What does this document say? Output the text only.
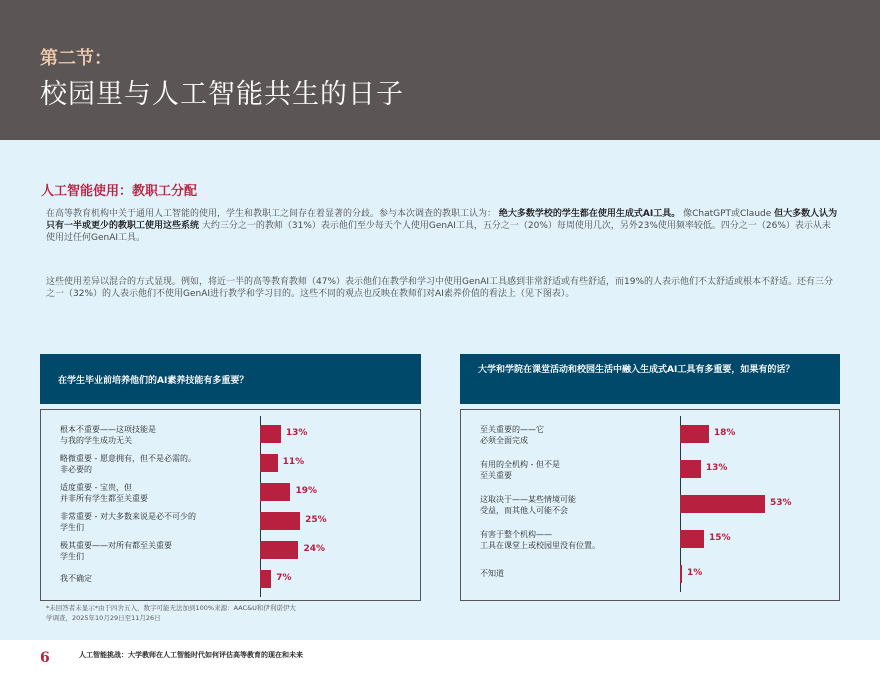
第二节：
校园里与人工智能共生的日子
人工智能使用：教职工分配
在高等教育机构中关于通用人工智能的使用，学生和教职工之间存在着显著的分歧。参与本次调查的教职工认为： 绝大多数学校的学生都在使用生成式AI工具。 像ChatGPT或Claude 但大多数人认为只有一半或更少的教职工使用这些系统 大约三分之一的教师（31%）表示他们至少每天个人使用GenAI工具，五分之一（20%）每周使用几次，另外23%使用频率较低。四分之一（26%）表示从未使用过任何GenAI工具。
这些使用差异以混合的方式显现。例如，将近一半的高等教育教师（47%）表示他们在教学和学习中使用GenAI工具感到非常舒适或有些舒适，而19%的人表示他们不太舒适或根本不舒适。还有三分之一（32%）的人表示他们不使用GenAI进行教学和学习目的。这些不同的观点也反映在教师们对AI素养价值的看法上（见下图表）。
在学生毕业前培养他们的AI素养技能有多重要？
大学和学院在课堂活动和校园生活中融入生成式AI工具有多重要，如果有的话？
根本不重要——这项技能是
与我的学生成功无关
13%
略微重要 - 愿意拥有，但不是必需的。
非必要的
11%
适度重要 - 宝贵，但
并非所有学生都至关重要
19%
非常重要 - 对大多数来说是必不可少的
学生们
25%
极其重要——对所有都至关重要
学生们
24%
我不确定	7%
至关重要的——它
必须全面完成
18%
有用的全机构 - 但不是
至关重要
13%
这取决于——某些情境可能
受益，而其他人可能不会
53%
有害于整个机构——
工具在课堂上或校园里没有位置。
15%
不知道	1%
*未回答者未显示*由于四舍五入，数字可能无法加到100%来源：AAC&U和伊利诺伊大
学调查，2025年10月29日至11月26日
6	人工智能挑战：大学教师在人工智能时代如何评估高等教育的现在和未来
